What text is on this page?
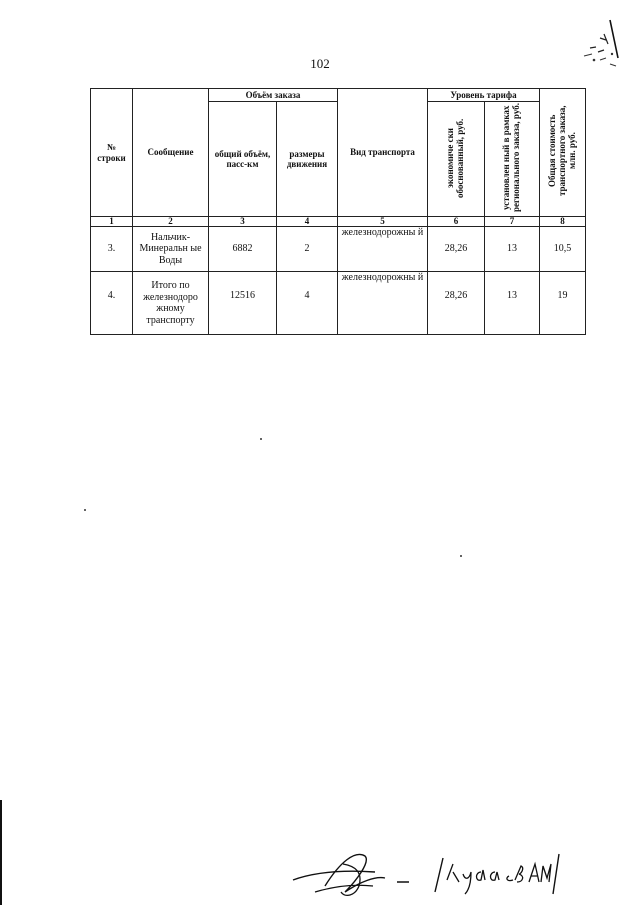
102
№ строки	Сообщение	Объём заказа		Вид транспорта	Уровень тарифа		Общая стоимость транспортного заказа, млн. руб.
		общий объём, пасс-км	размеры движения		экономиче ски обоснованный, руб.	установлен ный в рамках регионального заказа, руб.	
1	2	3	4	5	6	7	8
3.	Нальчик-Минеральн ые Воды	6882	2	железнодорожны й	28,26	13	10,5
4.	Итого по железнодоро жному транспорту	12516	4	железнодорожны й	28,26	13	19
